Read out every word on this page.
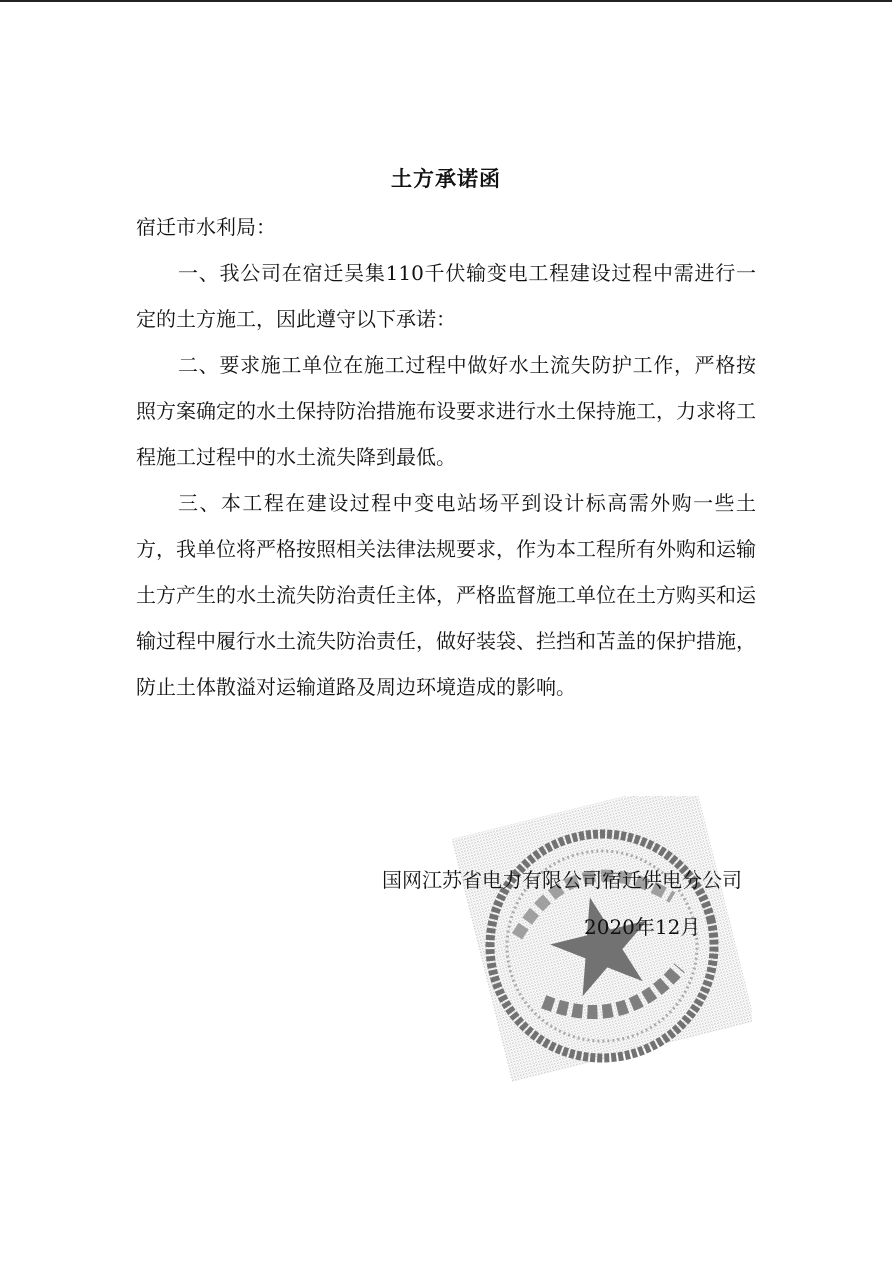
土方承诺函
宿迁市水利局：

一、我公司在宿迁吴集110千伏输变电工程建设过程中需进行一定的土方施工，因此遵守以下承诺：

二、要求施工单位在施工过程中做好水土流失防护工作，严格按照方案确定的水土保持防治措施布设要求进行水土保持施工，力求将工程施工过程中的水土流失降到最低。

三、本工程在建设过程中变电站场平到设计标高需外购一些土方，我单位将严格按照相关法律法规要求，作为本工程所有外购和运输土方产生的水土流失防治责任主体，严格监督施工单位在土方购买和运输过程中履行水土流失防治责任，做好装袋、拦挡和苫盖的保护措施，防止土体散溢对运输道路及周边环境造成的影响。

国网江苏省电力有限公司宿迁供电分公司
2020年12月
